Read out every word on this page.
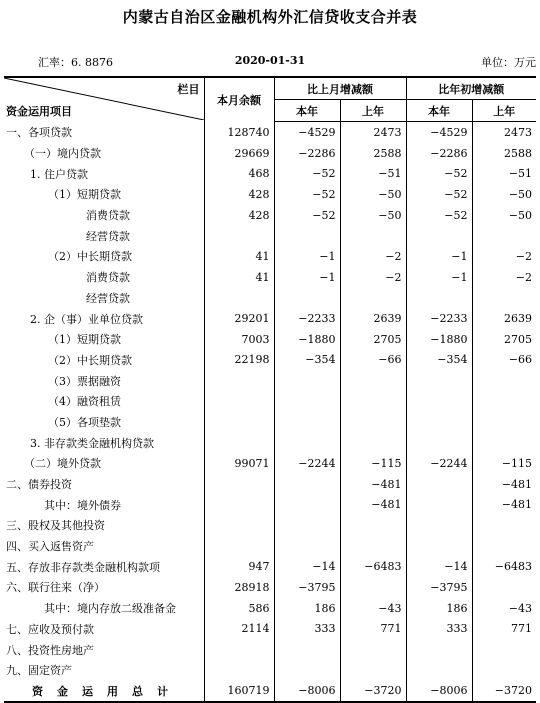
内蒙古自治区金融机构外汇信贷收支合并表
汇率：6. 8876	2020-01-31	单位：万元
栏目
资金运用项目	本月余额	比上月增减额		比年初增减额	
		本年	上年	本年	上年
一、各项贷款	128740	−4529	2473	−4529	2473
（一）境内贷款	29669	−2286	2588	−2286	2588
1. 住户贷款	468	−52	−51	−52	−51
（1）短期贷款	428	−52	−50	−52	−50
消费贷款	428	−52	−50	−52	−50
经营贷款					
（2）中长期贷款	41	−1	−2	−1	−2
消费贷款	41	−1	−2	−1	−2
经营贷款					
2. 企（事）业单位贷款	29201	−2233	2639	−2233	2639
（1）短期贷款	7003	−1880	2705	−1880	2705
（2）中长期贷款	22198	−354	−66	−354	−66
（3）票据融资					
（4）融资租赁					
（5）各项垫款					
3. 非存款类金融机构贷款					
（二）境外贷款	99071	−2244	−115	−2244	−115
二、债券投资			−481		−481
其中：境外债券			−481		−481
三、股权及其他投资					
四、买入返售资产					
五、存放非存款类金融机构款项	947	−14	−6483	−14	−6483
六、联行往来（净）	28918	−3795		−3795	
其中：境内存放二级准备金	586	186	−43	186	−43
七、应收及预付款	2114	333	771	333	771
八、投资性房地产					
九、固定资产					
资金运用总计	160719	−8006	−3720	−8006	−3720
